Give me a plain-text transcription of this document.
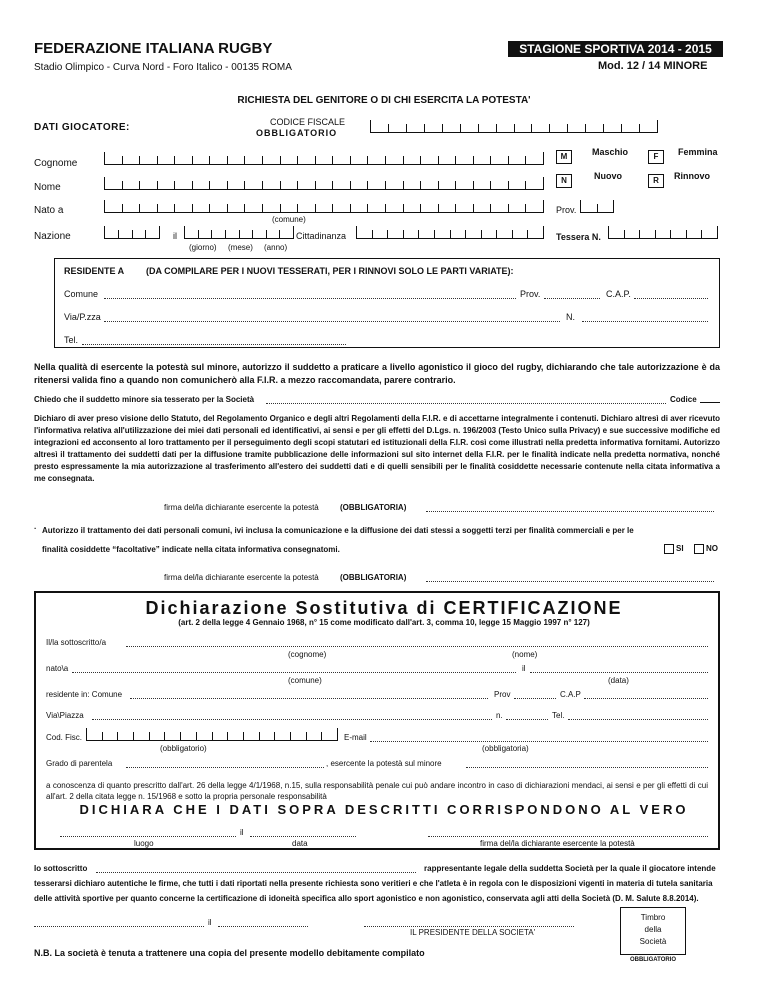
FEDERAZIONE ITALIANA RUGBY
Stadio Olimpico - Curva Nord - Foro Italico - 00135 ROMA
STAGIONE SPORTIVA 2014 - 2015
Mod. 12 / 14 MINORE
RICHIESTA DEL GENITORE O DI CHI ESERCITA LA POTESTA'
DATI GIOCATORE:	CODICE FISCALE
OBBLIGATORIO
Cognome
Nome
Nato a
(comune)
M	Maschio	F	Femmina
N	Nuovo	R	Rinnovo
Prov.
Nazione	il
(giorno) (mese) (anno)
Cittadinanza	Tessera N.
RESIDENTE A (DA COMPILARE PER I NUOVI TESSERATI, PER I RINNOVI SOLO LE PARTI VARIATE):
Comune	Prov.	C.A.P.
Via/P.zza	N.
Tel.
Nella qualità di esercente la potestà sul minore, autorizzo il suddetto a praticare a livello agonistico il gioco del rugby, dichiarando che tale autorizzazione è da ritenersi valida fino a quando non comunicherò alla F.I.R. a mezzo raccomandata, parere contrario.
Chiedo che il suddetto minore sia tesserato per la Società	Codice
Dichiaro di aver preso visione dello Statuto, del Regolamento Organico e degli altri Regolamenti della F.I.R. e di accettarne integralmente i contenuti. Dichiaro altresì di aver ricevuto l'informativa relativa all'utilizzazione dei miei dati personali ed identificativi, ai sensi e per gli effetti del D.Lgs. n. 196/2003 (Testo Unico sulla Privacy) e sue successive modifiche ed integrazioni ed acconsento al loro trattamento per il perseguimento degli scopi statutari ed istituzionali della F.I.R. così come illustrati nella predetta informativa fornitami. Autorizzo altresì il trattamento dei suddetti dati per la diffusione tramite pubblicazione delle informazioni sul sito internet della F.I.R. per le finalità indicate nella predetta normativa, nonché presto espressamente la mia autorizzazione al trasferimento all'estero dei suddetti dati e di quelli sensibili per le finalità cosiddette necessarie contenute nella citata informativa a me consegnata.
firma del/la dichiarante esercente la potestà	(OBBLIGATORIA)
· Autorizzo il trattamento dei dati personali comuni, ivi inclusa la comunicazione e la diffusione dei dati stessi a soggetti terzi per finalità commerciali e per le
finalità cosiddette “facoltative” indicate nella citata informativa consegnatomi.	SI	NO
firma del/la dichiarante esercente la potestà	(OBBLIGATORIA)
Dichiarazione Sostitutiva di CERTIFICAZIONE
(art. 2 della legge 4 Gennaio 1968, n° 15 come modificato dall'art. 3, comma 10, legge 15 Maggio 1997 n° 127)
Il/la sottoscritto/a
(cognome)	(nome)
nato\a	il
(comune)	(data)
residente in: Comune	Prov	C.A.P
Via\Piazza	n.	Tel.
Cod. Fisc.
(obbligatorio)
E-mail
(obbligatoria)
Grado di parentela	, esercente la potestà sul minore
a conoscenza di quanto prescritto dall'art. 26 della legge 4/1/1968, n.15, sulla responsabilità penale cui può andare incontro in caso di dichiarazioni mendaci, ai sensi e per gli effetti di cui all'art. 2 della citata legge n. 15/1968 e sotto la propria personale responsabilità
DICHIARA CHE I DATI SOPRA DESCRITTI CORRISPONDONO AL VERO
il
luogo	data	firma del/la dichiarante esercente la potestà
Io sottoscritto	rappresentante legale della suddetta Società per la quale il giocatore intende
tesserarsi dichiaro autentiche le firme, che tutti i dati riportati nella presente richiesta sono veritieri e che l'atleta è in regola con le disposizioni vigenti in materia di tutela sanitaria
delle attività sportive per quanto concerne la certificazione di idoneità specifica allo sport agonistico e non agonistico, conservata agli atti della Società (D. M. Salute 8.8.2014).
il
IL PRESIDENTE DELLA SOCIETA'
Timbro
della
Società
OBBLIGATORIO
N.B. La società è tenuta a trattenere una copia del presente modello debitamente compilato
